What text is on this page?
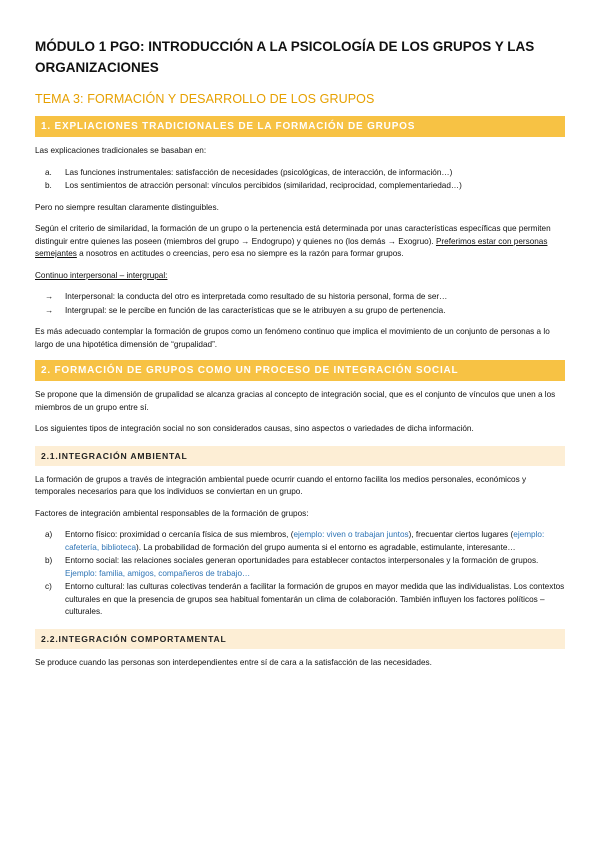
MÓDULO 1 PGO: INTRODUCCIÓN A LA PSICOLOGÍA DE LOS GRUPOS Y LAS ORGANIZACIONES
TEMA 3: FORMACIÓN Y DESARROLLO DE LOS GRUPOS
1. EXPLIACIONES TRADICIONALES DE LA FORMACIÓN DE GRUPOS

Las explicaciones tradicionales se basaban en:

a.	Las funciones instrumentales: satisfacción de necesidades (psicológicas, de interacción, de información…)
b.	Los sentimientos de atracción personal: vínculos percibidos (similaridad, reciprocidad, complementariedad…)

Pero no siempre resultan claramente distinguibles.

Según el criterio de similaridad, la formación de un grupo o la pertenencia está determinada por unas características específicas que permiten distinguir entre quienes las poseen (miembros del grupo → Endogrupo) y quienes no (los demás → Exogruo). Preferimos estar con personas semejantes a nosotros en actitudes o creencias, pero esa no siempre es la razón para formar grupos.

Continuo interpersonal – intergrupal:

→	Interpersonal: la conducta del otro es interpretada como resultado de su historia personal, forma de ser…
→	Intergrupal: se le percibe en función de las características que se le atribuyen a su grupo de pertenencia.

Es más adecuado contemplar la formación de grupos como un fenómeno continuo que implica el movimiento de un conjunto de personas a lo largo de una hipotética dimensión de “grupalidad”.

2. FORMACIÓN DE GRUPOS COMO UN PROCESO DE INTEGRACIÓN SOCIAL

Se propone que la dimensión de grupalidad se alcanza gracias al concepto de integración social, que es el conjunto de vínculos que unen a los miembros de un grupo entre sí.

Los siguientes tipos de integración social no son considerados causas, sino aspectos o variedades de dicha información.

2.1.INTEGRACIÓN AMBIENTAL

La formación de grupos a través de integración ambiental puede ocurrir cuando el entorno facilita los medios personales, económicos y temporales necesarios para que los individuos se conviertan en un grupo.

Factores de integración ambiental responsables de la formación de grupos:

a)	Entorno físico: proximidad o cercanía física de sus miembros, (ejemplo: viven o trabajan juntos), frecuentar ciertos lugares (ejemplo: cafetería, biblioteca). La probabilidad de formación del grupo aumenta si el entorno es agradable, estimulante, interesante…
b)	Entorno social: las relaciones sociales generan oportunidades para establecer contactos interpersonales y la formación de grupos. Ejemplo: familia, amigos, compañeros de trabajo…
c)	Entorno cultural: las culturas colectivas tenderán a facilitar la formación de grupos en mayor medida que las individualistas. Los contextos culturales en que la presencia de grupos sea habitual fomentarán un clima de colaboración. También influyen los factores políticos – culturales.
2.2.INTEGRACIÓN COMPORTAMENTAL

Se produce cuando las personas son interdependientes entre sí de cara a la satisfacción de las necesidades.
